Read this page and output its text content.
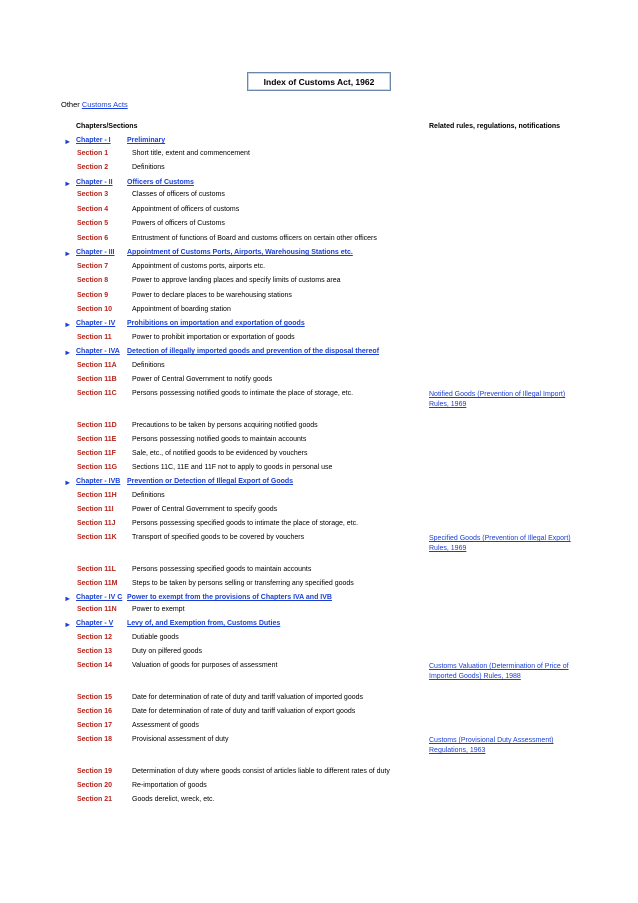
Index of Customs Act, 1962
Other Customs Acts
Chapters/Sections	Related rules, regulations, notifications
► Chapter - I Preliminary
Section 1	Short title, extent and commencement
Section 2	Definitions
► Chapter - II Officers of Customs
Section 3	Classes of officers of customs
Section 4	Appointment of officers of customs
Section 5	Powers of officers of Customs
Section 6	Entrustment of functions of Board and customs officers on certain other officers
► Chapter - III Appointment of Customs Ports, Airports, Warehousing Stations etc.
Section 7	Appointment of customs ports, airports etc.
Section 8	Power to approve landing places and specify limits of customs area
Section 9	Power to declare places to be warehousing stations
Section 10	Appointment of boarding station
► Chapter - IV Prohibitions on importation and exportation of goods
Section 11	Power to prohibit importation or exportation of goods
► Chapter - IVA Detection of illegally imported goods and prevention of the disposal thereof
Section 11A Definitions
Section 11B Power of Central Government to notify goods
Section 11C Persons possessing notified goods to intimate the place of storage, etc.	Notified Goods (Prevention of Illegal Import) Rules, 1969
Section 11D Precautions to be taken by persons acquiring notified goods
Section 11E Persons possessing notified goods to maintain accounts
Section 11F Sale, etc., of notified goods to be evidenced by vouchers
Section 11G Sections 11C, 11E and 11F not to apply to goods in personal use
► Chapter - IVB Prevention or Detection of Illegal Export of Goods
Section 11H Definitions
Section 11I	Power of Central Government to specify goods
Section 11J Persons possessing specified goods to intimate the place of storage, etc.
Section 11K Transport of specified goods to be covered by vouchers	Specified Goods (Prevention of Illegal Export) Rules, 1969
Section 11L Persons possessing specified goods to maintain accounts
Section 11M Steps to be taken by persons selling or transferring any specified goods
► Chapter - IV C Power to exempt from the provisions of Chapters IVA and IVB
Section 11N Power to exempt
► Chapter - V Levy of, and Exemption from, Customs Duties
Section 12	Dutiable goods
Section 13	Duty on pilfered goods
Section 14	Valuation of goods for purposes of assessment	Customs Valuation (Determination of Price of Imported Goods) Rules, 1988
Section 15	Date for determination of rate of duty and tariff valuation of imported goods
Section 16	Date for determination of rate of duty and tariff valuation of export goods
Section 17	Assessment of goods
Section 18	Provisional assessment of duty	Customs (Provisional Duty Assessment) Regulations, 1963
Section 19	Determination of duty where goods consist of articles liable to different rates of duty
Section 20	Re-importation of goods
Section 21	Goods derelict, wreck, etc.
